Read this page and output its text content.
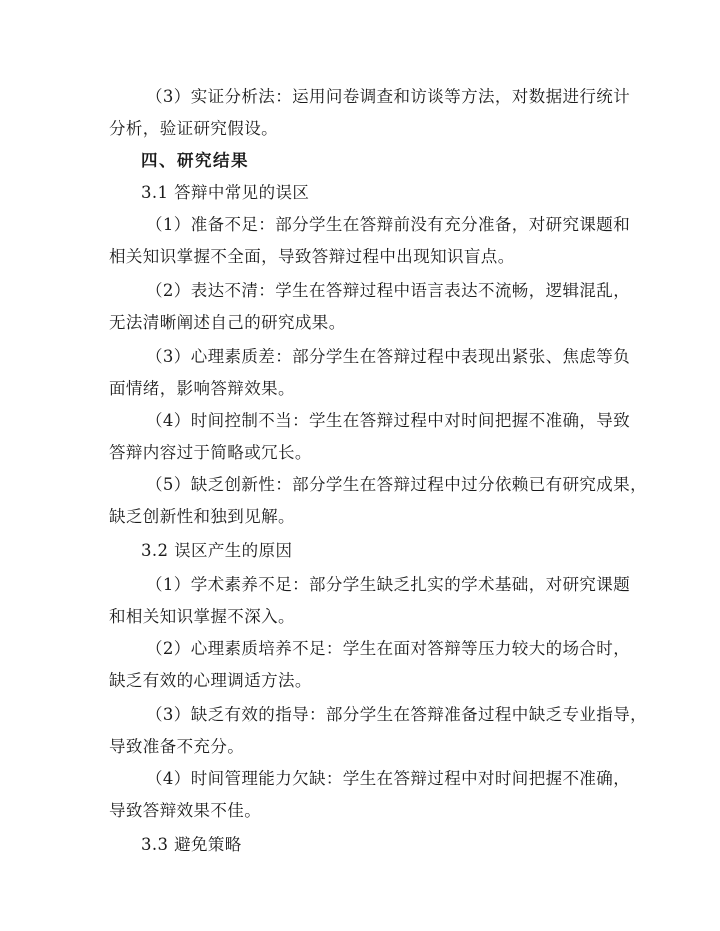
（3）实证分析法：运用问卷调查和访谈等方法，对数据进行统计
分析，验证研究假设。
四、研究结果
3.1 答辩中常见的误区
（1）准备不足：部分学生在答辩前没有充分准备，对研究课题和
相关知识掌握不全面，导致答辩过程中出现知识盲点。
（2）表达不清：学生在答辩过程中语言表达不流畅，逻辑混乱，
无法清晰阐述自己的研究成果。
（3）心理素质差：部分学生在答辩过程中表现出紧张、焦虑等负
面情绪，影响答辩效果。
（4）时间控制不当：学生在答辩过程中对时间把握不准确，导致
答辩内容过于简略或冗长。
（5）缺乏创新性：部分学生在答辩过程中过分依赖已有研究成果，
缺乏创新性和独到见解。
3.2 误区产生的原因
（1）学术素养不足：部分学生缺乏扎实的学术基础，对研究课题
和相关知识掌握不深入。
（2）心理素质培养不足：学生在面对答辩等压力较大的场合时，
缺乏有效的心理调适方法。
（3）缺乏有效的指导：部分学生在答辩准备过程中缺乏专业指导，
导致准备不充分。
（4）时间管理能力欠缺：学生在答辩过程中对时间把握不准确，
导致答辩效果不佳。
3.3 避免策略
